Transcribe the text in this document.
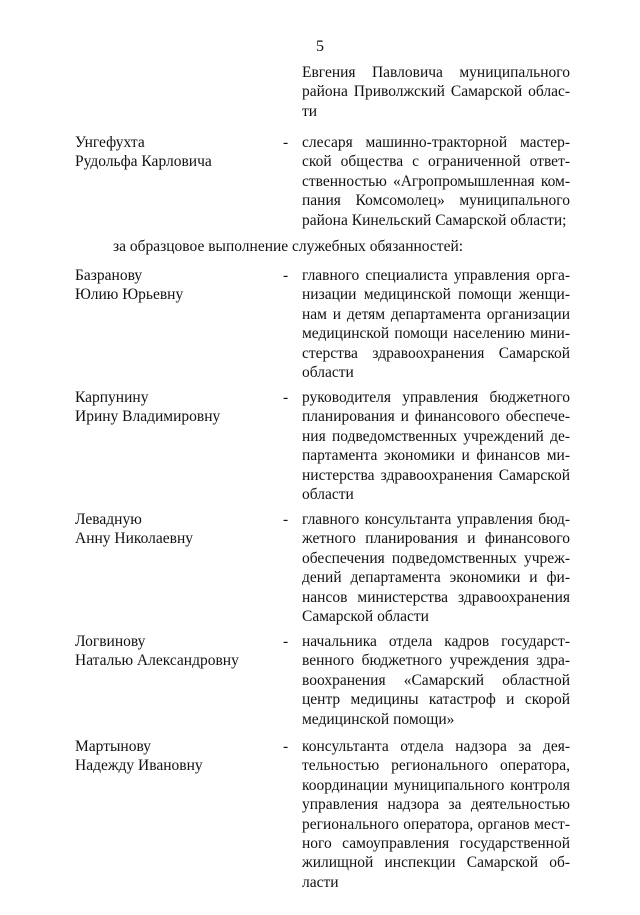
5
Евгения Павловича муниципального
района Приволжский Самарской облас-
ти
Унгефухта
Рудольфа Карловича
- слесаря машинно-тракторной мастер-
ской общества с ограниченной ответ-
ственностью «Агропромышленная ком-
пания Комсомолец» муниципального
района Кинельский Самарской области;
за образцовое выполнение служебных обязанностей:
Базранову
Юлию Юрьевну
- главного специалиста управления орга-
низации медицинской помощи женщи-
нам и детям департамента организации
медицинской помощи населению мини-
стерства здравоохранения Самарской
области
Карпунину
Ирину Владимировну
- руководителя управления бюджетного
планирования и финансового обеспече-
ния подведомственных учреждений де-
партамента экономики и финансов ми-
нистерства здравоохранения Самарской
области
Левадную
Анну Николаевну
- главного консультанта управления бюд-
жетного планирования и финансового
обеспечения подведомственных учреж-
дений департамента экономики и фи-
нансов министерства здравоохранения
Самарской области
Логвинову
Наталью Александровну
- начальника отдела кадров государст-
венного бюджетного учреждения здра-
воохранения «Самарский областной
центр медицины катастроф и скорой
медицинской помощи»
Мартынову
Надежду Ивановну
- консультанта отдела надзора за дея-
тельностью регионального оператора,
координации муниципального контроля
управления надзора за деятельностью
регионального оператора, органов мест-
ного самоуправления государственной
жилищной инспекции Самарской об-
ласти
